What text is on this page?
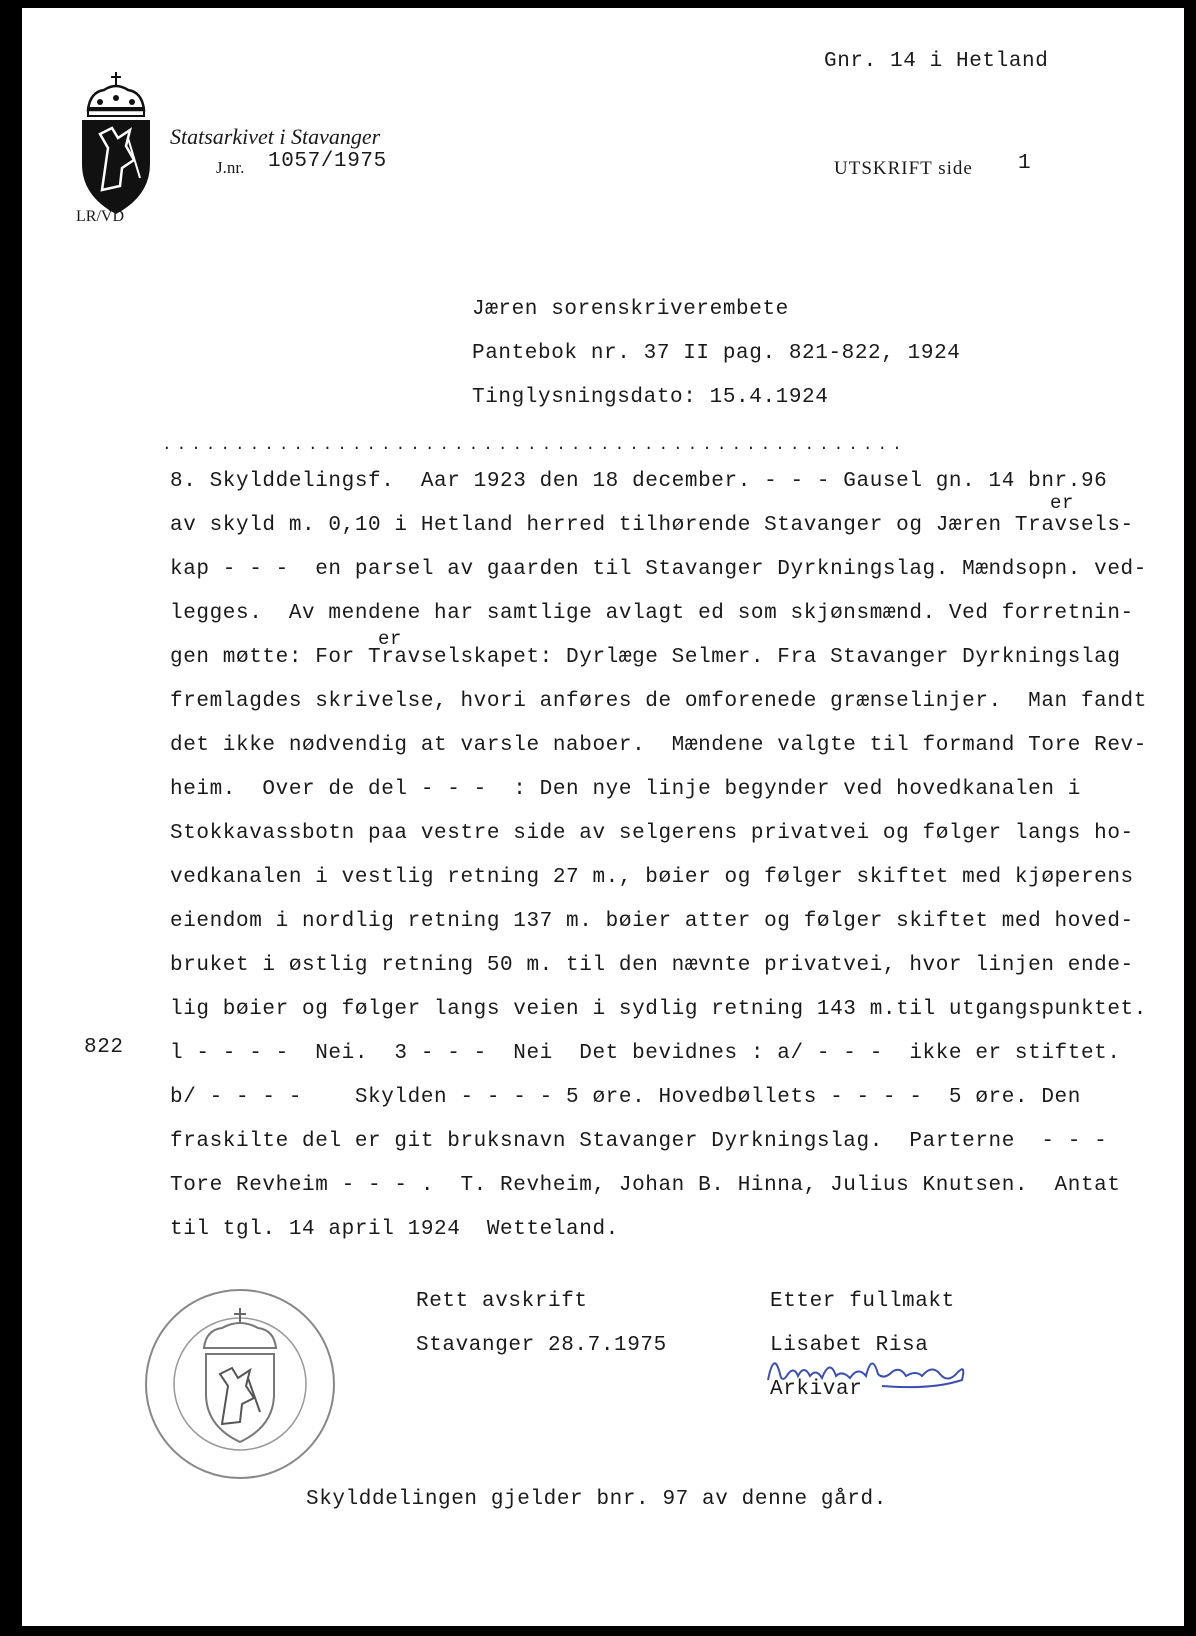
LR/VD
Statsarkivet i Stavanger
J.nr. 1057/1975
Gnr. 14 i Hetland
UTSKRIFT side 1
Jæren sorenskriverembete
Pantebok nr. 37 II pag. 821-822, 1924
Tinglysningsdato: 15.4.1924
...................................................
er
er
8. Skylddelingsf.  Aar 1923 den 18 december. - - - Gausel gn. 14 bnr.96
av skyld m. 0,10 i Hetland herred tilhørende Stavanger og Jæren Travsels-
kap - - -  en parsel av gaarden til Stavanger Dyrkningslag. Mændsopn. ved-
legges.  Av mendene har samtlige avlagt ed som skjønsmænd. Ved forretnin-
gen møtte: For Travselskapet: Dyrlæge Selmer. Fra Stavanger Dyrkningslag
fremlagdes skrivelse, hvori anføres de omforenede grænselinjer.  Man fandt
det ikke nødvendig at varsle naboer.  Mændene valgte til formand Tore Rev-
heim.  Over de del - - -  : Den nye linje begynder ved hovedkanalen i
Stokkavassbotn paa vestre side av selgerens privatvei og følger langs ho-
vedkanalen i vestlig retning 27 m., bøier og følger skiftet med kjøperens
eiendom i nordlig retning 137 m. bøier atter og følger skiftet med hoved-
bruket i østlig retning 50 m. til den nævnte privatvei, hvor linjen ende-
lig bøier og følger langs veien i sydlig retning 143 m.til utgangspunktet.
l - - - -  Nei.  3 - - -  Nei  Det bevidnes : a/ - - -  ikke er stiftet.
b/ - - - -    Skylden - - - - 5 øre. Hovedbøllets - - - -  5 øre. Den
fraskilte del er git bruksnavn Stavanger Dyrkningslag.  Parterne  - - -
Tore Revheim - - - .  T. Revheim, Johan B. Hinna, Julius Knutsen.  Antat
til tgl. 14 april 1924  Wetteland.
822
Rett avskrift
Stavanger 28.7.1975
Etter fullmakt
Lisabet Risa
Arkivar
Skylddelingen gjelder bnr. 97 av denne gård.
